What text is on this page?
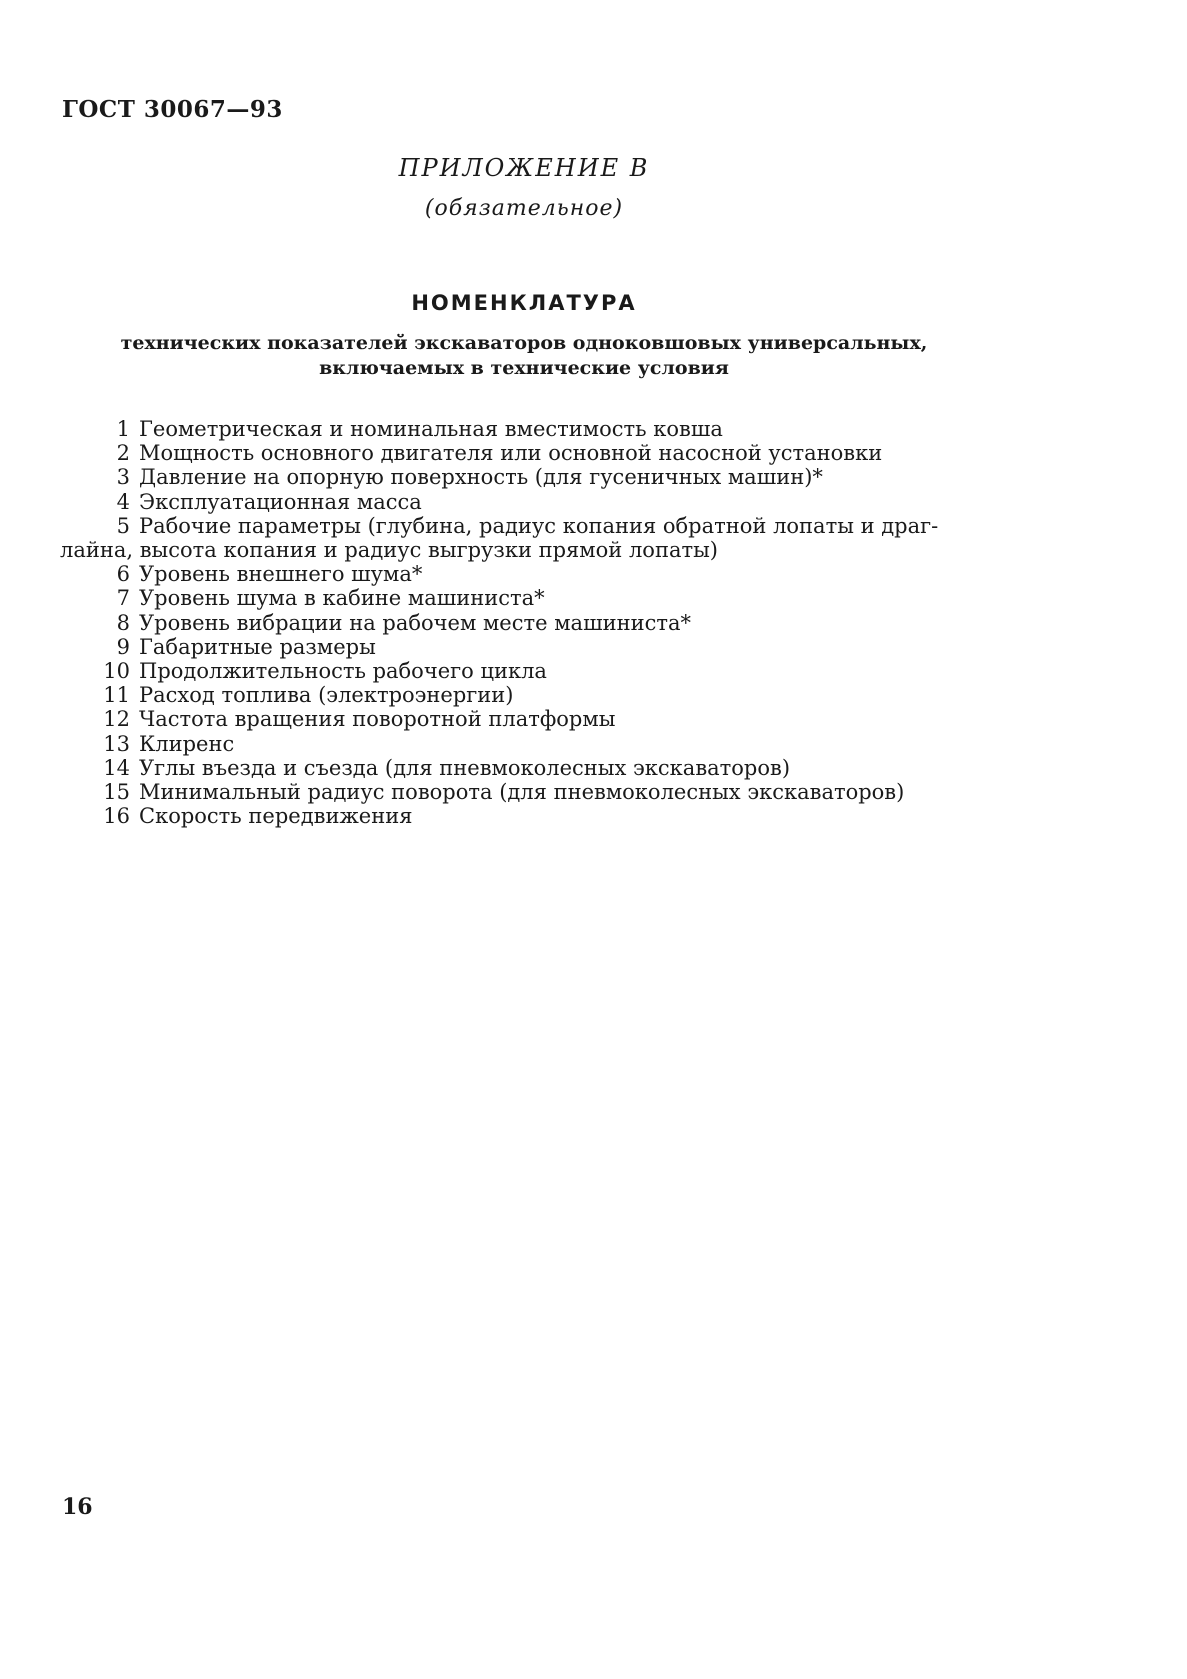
ГОСТ 30067—93

ПРИЛОЖЕНИЕ В

(обязательное)

НОМЕНКЛАТУРА
технических показателей экскаваторов одноковшовых универсальных,
включаемых в технические условия
1 Геометрическая и номинальная вместимость ковша
2 Мощность основного двигателя или основной насосной установки
3 Давление на опорную поверхность (для гусеничных машин)*
4 Эксплуатационная масса
5 Рабочие параметры (глубина, радиус копания обратной лопаты и драг-
лайна, высота копания и радиус выгрузки прямой лопаты)
6 Уровень внешнего шума*
7 Уровень шума в кабине машиниста*
8 Уровень вибрации на рабочем месте машиниста*
9 Габаритные размеры
10 Продолжительность рабочего цикла
11 Расход топлива (электроэнергии)
12 Частота вращения поворотной платформы
13 Клиренс
14 Углы въезда и съезда (для пневмоколесных экскаваторов)
15 Минимальный радиус поворота (для пневмоколесных экскаваторов)
16 Скорость передвижения

16
